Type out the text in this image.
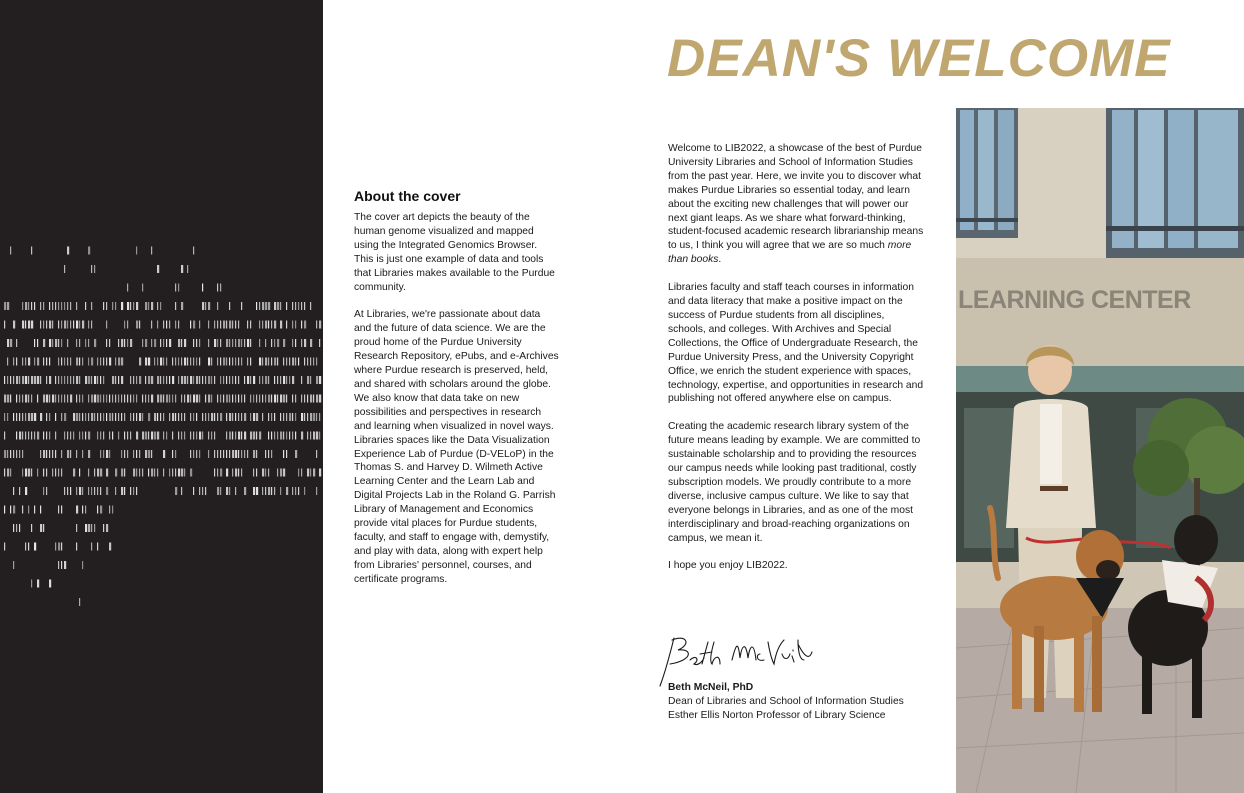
About the cover

The cover art depicts the beauty of the human genome visualized and mapped using the Integrated Genomics Browser. This is just one example of data and tools that Libraries makes available to the Purdue community.

At Libraries, we're passionate about data and the future of data science. We are the proud home of the Purdue University Research Repository, ePubs, and e-Archives where Purdue research is preserved, held, and shared with scholars around the globe. We also know that data take on new possibilities and perspectives in research and learning when visualized in novel ways. Libraries spaces like the Data Visualization Experience Lab of Purdue (D-VELoP) in the Thomas S. and Harvey D. Wilmeth Active Learning Center and the Learn Lab and Digital Projects Lab in the Roland G. Parrish Library of Management and Economics provide vital places for Purdue students, faculty, and staff to engage with, demystify, and play with data, along with expert help from Libraries' personnel, courses, and certificate programs.

DEAN'S WELCOME

Welcome to LIB2022, a showcase of the best of Purdue University Libraries and School of Information Studies from the past year. Here, we invite you to discover what makes Purdue Libraries so essential today, and learn about the exciting new challenges that will power our next giant leaps. As we share what forward-thinking, student-focused academic research librarianship means to us, I think you will agree that we are so much more than books.

Libraries faculty and staff teach courses in information and data literacy that make a positive impact on the success of Purdue students from all disciplines, schools, and colleges. With Archives and Special Collections, the Office of Undergraduate Research, the Purdue University Press, and the University Copyright Office, we enrich the student experience with spaces, technology, expertise, and opportunities in research and publishing not offered anywhere else on campus.

Creating the academic research library system of the future means leading by example. We are committed to sustainable scholarship and to providing the resources our campus needs while looking past traditional, costly subscription models. We proudly contribute to a more diverse, inclusive campus culture. We like to say that everyone belongs in Libraries, and as one of the most interdisciplinary and broad-reaching organizations on campus, we mean it.

I hope you enjoy LIB2022.

Beth McNeil, PhD
Dean of Libraries and School of Information Studies
Esther Ellis Norton Professor of Library Science
LEARNING CENTER
